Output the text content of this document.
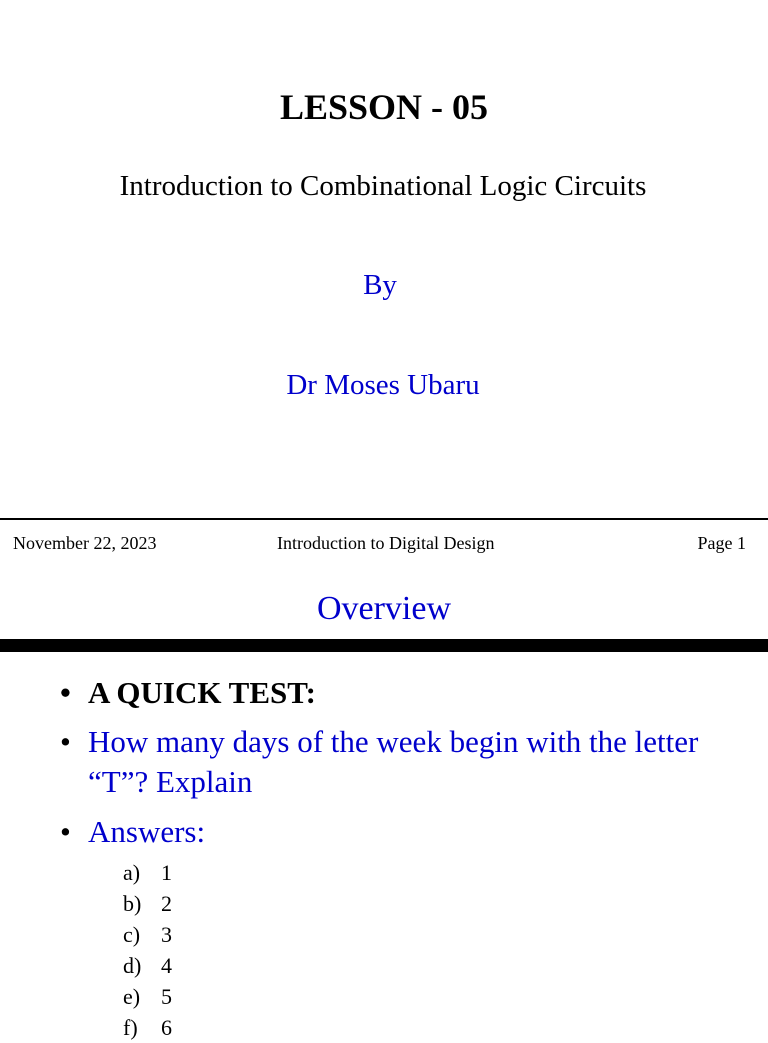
LESSON - 05
Introduction to Combinational Logic Circuits
By
Dr Moses Ubaru
November 22, 2023	Introduction to Digital Design	Page 1
Overview
• A QUICK TEST:
• How many days of the week begin with the letter “T”? Explain
• Answers:
a) 1
b) 2
c) 3
d) 4
e) 5
f) 6
